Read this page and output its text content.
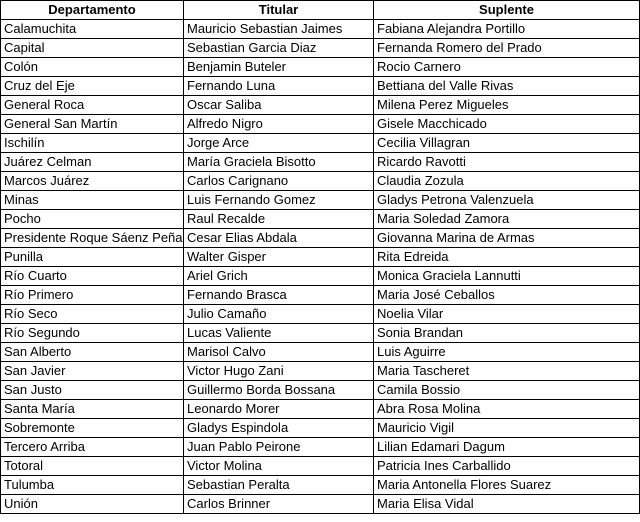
Departamento	Titular	Suplente
Calamuchita	Mauricio Sebastian Jaimes	Fabiana Alejandra Portillo
Capital	Sebastian Garcia Diaz	Fernanda Romero del Prado
Colón	Benjamin Buteler	Rocio Carnero
Cruz del Eje	Fernando Luna	Bettiana del Valle Rivas
General Roca	Oscar Saliba	Milena Perez Migueles
General San Martín	Alfredo Nigro	Gisele Macchicado
Ischilín	Jorge Arce	Cecilia Villagran
Juárez Celman	María Graciela Bisotto	Ricardo Ravotti
Marcos Juárez	Carlos Carignano	Claudia Zozula
Minas	Luis Fernando Gomez	Gladys Petrona Valenzuela
Pocho	Raul Recalde	Maria Soledad Zamora
Presidente Roque Sáenz Peña	Cesar Elias Abdala	Giovanna Marina de Armas
Punilla	Walter Gisper	Rita Edreida
Río Cuarto	Ariel Grich	Monica Graciela Lannutti
Río Primero	Fernando Brasca	Maria José Ceballos
Río Seco	Julio Camaño	Noelia Vilar
Río Segundo	Lucas Valiente	Sonia Brandan
San Alberto	Marisol Calvo	Luis Aguirre
San Javier	Victor Hugo Zani	Maria Tascheret
San Justo	Guillermo Borda Bossana	Camila Bossio
Santa María	Leonardo Morer	Abra Rosa Molina
Sobremonte	Gladys Espindola	Mauricio Vigil
Tercero Arriba	Juan Pablo Peirone	Lilian Edamari Dagum
Totoral	Victor Molina	Patricia Ines Carballido
Tulumba	Sebastian Peralta	Maria Antonella Flores Suarez
Unión	Carlos Brinner	Maria Elisa Vidal
